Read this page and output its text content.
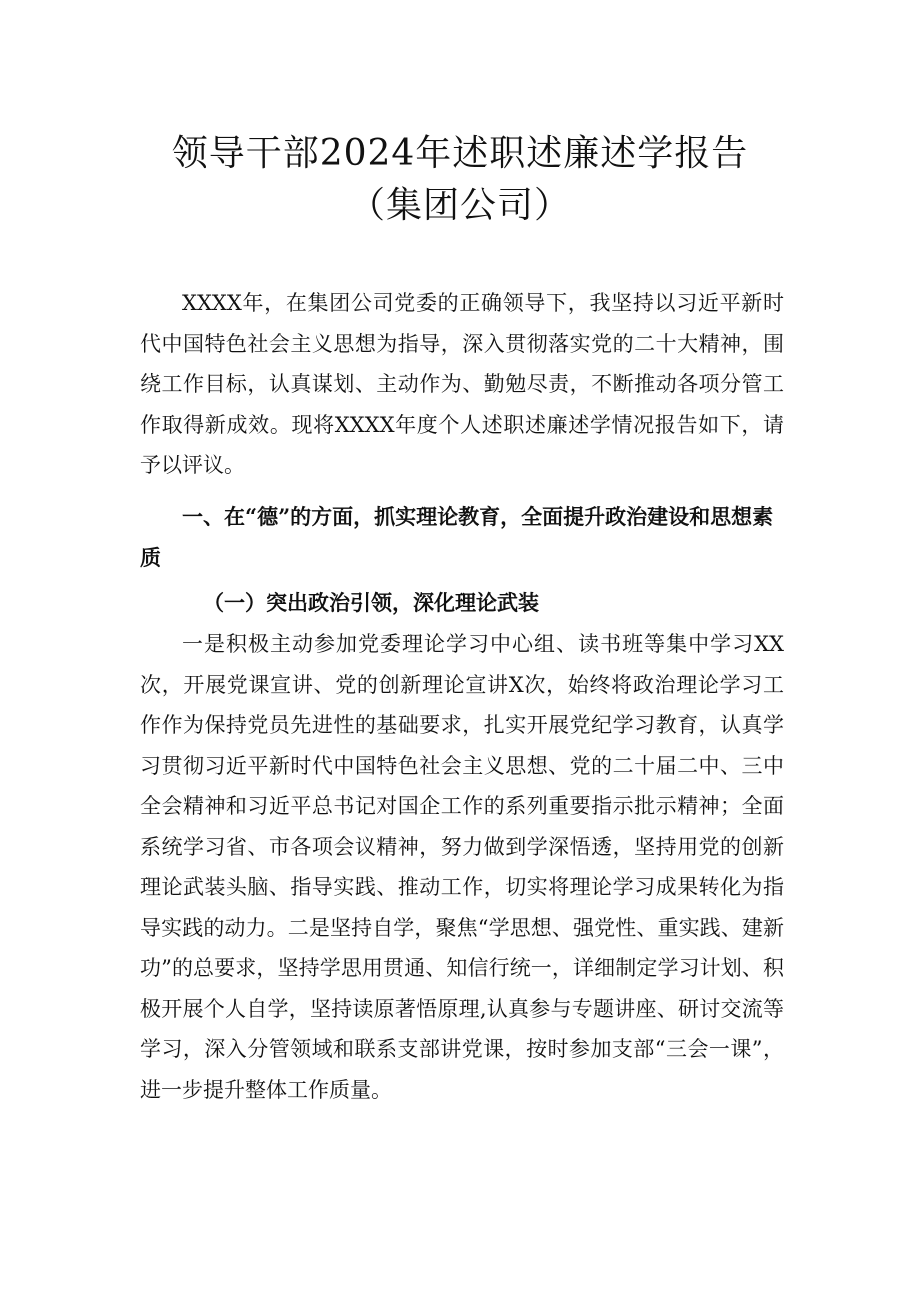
领导干部2024年述职述廉述学报告（集团公司）

XXXX年，在集团公司党委的正确领导下，我坚持以习近平新时代中国特色社会主义思想为指导，深入贯彻落实党的二十大精神，围绕工作目标，认真谋划、主动作为、勤勉尽责，不断推动各项分管工作取得新成效。现将XXXX年度个人述职述廉述学情况报告如下，请予以评议。

一、在“德”的方面，抓实理论教育，全面提升政治建设和思想素质

（一）突出政治引领，深化理论武装

一是积极主动参加党委理论学习中心组、读书班等集中学习XX次，开展党课宣讲、党的创新理论宣讲X次，始终将政治理论学习工作作为保持党员先进性的基础要求，扎实开展党纪学习教育，认真学习贯彻习近平新时代中国特色社会主义思想、党的二十届二中、三中全会精神和习近平总书记对国企工作的系列重要指示批示精神；全面系统学习省、市各项会议精神，努力做到学深悟透，坚持用党的创新理论武装头脑、指导实践、推动工作，切实将理论学习成果转化为指导实践的动力。二是坚持自学，聚焦“学思想、强党性、重实践、建新功”的总要求，坚持学思用贯通、知信行统一，详细制定学习计划、积极开展个人自学，坚持读原著悟原理,认真参与专题讲座、研讨交流等学习，深入分管领域和联系支部讲党课，按时参加支部“三会一课”，进一步提升整体工作质量。
